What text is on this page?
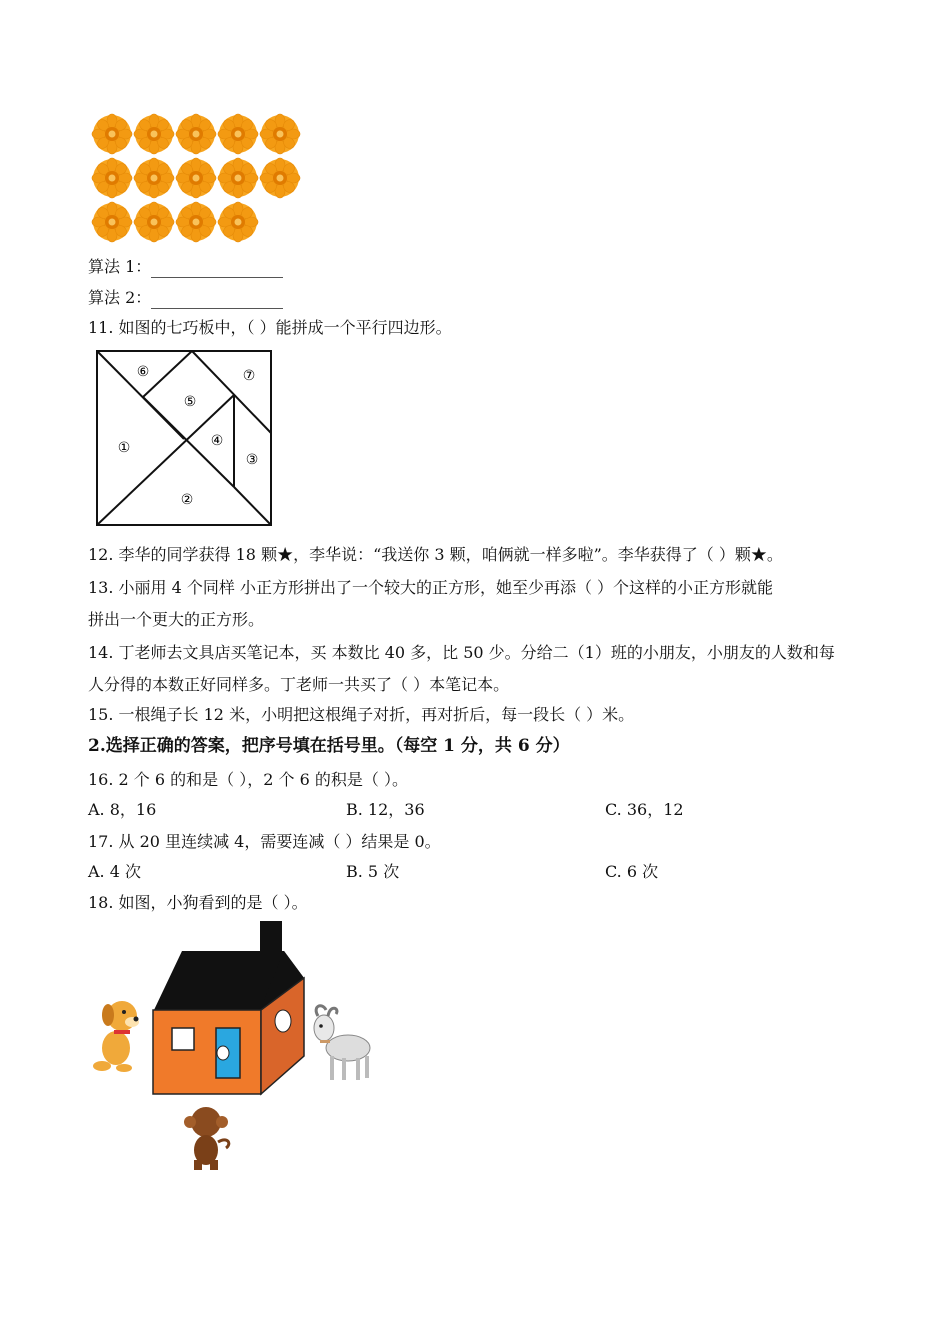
算法 1：
算法 2：
11. 如图的七巧板中，（ ）能拼成一个平行四边形。
①
②
③
④
⑤
⑥	⑦
12. 李华的同学获得 18 颗★，李华说：“我送你 3 颗，咱俩就一样多啦”。李华获得了（ ）颗★。
13. 小丽用 4 个同样 小正方形拼出了一个较大的正方形，她至少再添（ ）个这样的小正方形就能
拼出一个更大的正方形。
14. 丁老师去文具店买笔记本，买 本数比 40 多，比 50 少。分给二（1）班的小朋友，小朋友的人数和每
人分得的本数正好同样多。丁老师一共买了（ ）本笔记本。
15. 一根绳子长 12 米，小明把这根绳子对折，再对折后，每一段长（ ）米。
2.选择正确的答案，把序号填在括号里。（每空 1 分，共 6 分）
16. 2 个 6 的和是（ ），2 个 6 的积是（ ）。
A. 8，16	B. 12，36	C. 36，12
17. 从 20 里连续减 4，需要连减（ ）结果是 0。
A. 4 次	B. 5 次	C. 6 次
18. 如图，小狗看到的是（ ）。
